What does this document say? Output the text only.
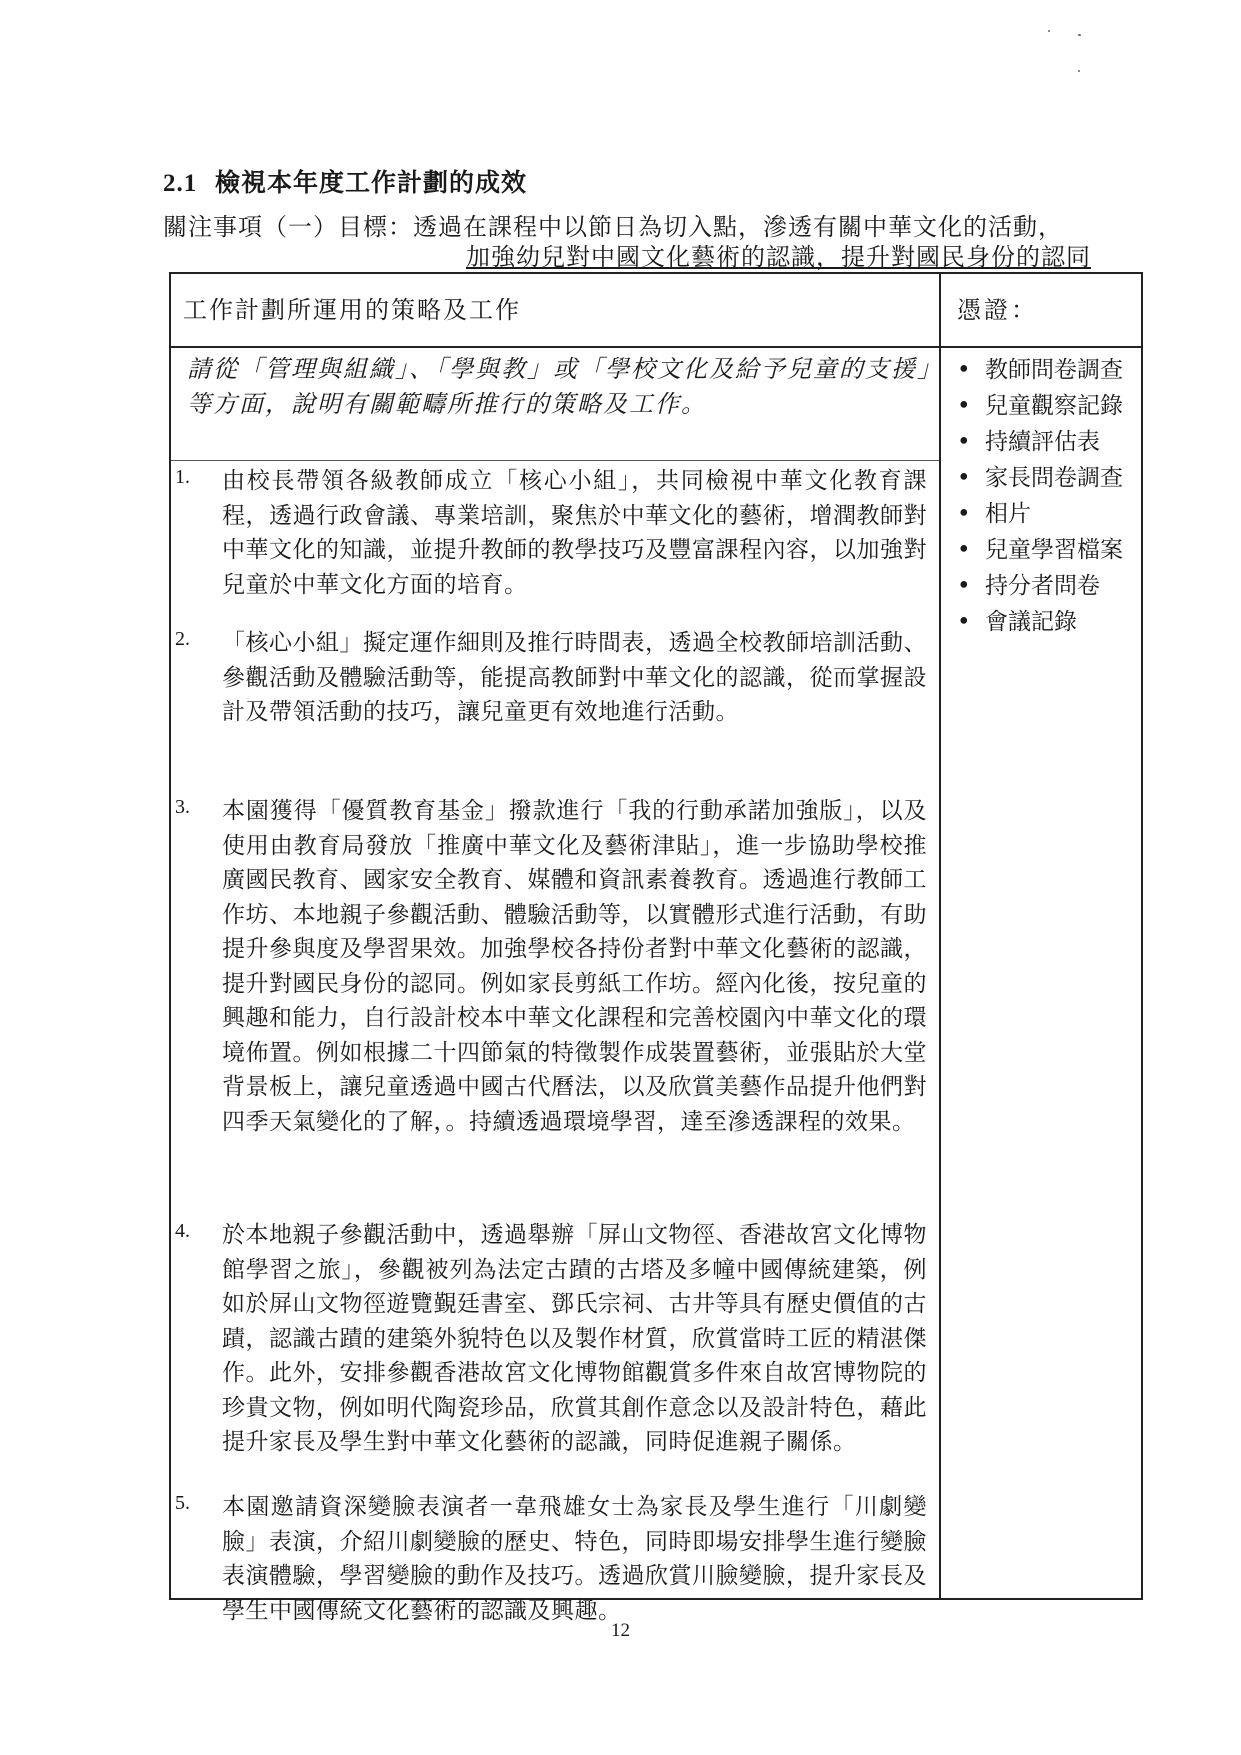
2.1 檢視本年度工作計劃的成效
關注事項（一）目標：透過在課程中以節日為切入點，滲透有關中華文化的活動，
加強幼兒對中國文化藝術的認識，提升對國民身份的認同
工作計劃所運用的策略及工作	憑證：
請從「管理與組織」、「學與教」或「學校文化及給予兒童的支援」等方面，說明有關範疇所推行的策略及工作。
1. 由校長帶領各級教師成立「核心小組」，共同檢視中華文化教育課程，透過行政會議、專業培訓，聚焦於中華文化的藝術，增潤教師對中華文化的知識，並提升教師的教學技巧及豐富課程內容，以加強對兒童於中華文化方面的培育。
2. 「核心小組」擬定運作細則及推行時間表，透過全校教師培訓活動、參觀活動及體驗活動等，能提高教師對中華文化的認識，從而掌握設計及帶領活動的技巧，讓兒童更有效地進行活動。
3. 本園獲得「優質教育基金」撥款進行「我的行動承諾加強版」，以及使用由教育局發放「推廣中華文化及藝術津貼」，進一步協助學校推廣國民教育、國家安全教育、媒體和資訊素養教育。透過進行教師工作坊、本地親子參觀活動、體驗活動等，以實體形式進行活動，有助提升參與度及學習果效。加強學校各持份者對中華文化藝術的認識，提升對國民身份的認同。例如家長剪紙工作坊。經內化後，按兒童的興趣和能力，自行設計校本中華文化課程和完善校園內中華文化的環境佈置。例如根據二十四節氣的特徵製作成裝置藝術，並張貼於大堂背景板上，讓兒童透過中國古代曆法，以及欣賞美藝作品提升他們對四季天氣變化的了解，。持續透過環境學習，達至滲透課程的效果。
4. 於本地親子參觀活動中，透過舉辦「屏山文物徑、香港故宮文化博物館學習之旅」，參觀被列為法定古蹟的古塔及多幢中國傳統建築，例如於屏山文物徑遊覽覲廷書室、鄧氏宗祠、古井等具有歷史價值的古蹟，認識古蹟的建築外貌特色以及製作材質，欣賞當時工匠的精湛傑作。此外，安排參觀香港故宮文化博物館觀賞多件來自故宮博物院的珍貴文物，例如明代陶瓷珍品，欣賞其創作意念以及設計特色，藉此提升家長及學生對中華文化藝術的認識，同時促進親子關係。
5. 本園邀請資深變臉表演者一韋飛雄女士為家長及學生進行「川劇變臉」表演，介紹川劇變臉的歷史、特色，同時即場安排學生進行變臉表演體驗，學習變臉的動作及技巧。透過欣賞川臉變臉，提升家長及學生中國傳統文化藝術的認識及興趣。
• 教師問卷調查
• 兒童觀察記錄
• 持續評估表
• 家長問卷調查
• 相片
• 兒童學習檔案
• 持分者問卷
• 會議記錄
12
